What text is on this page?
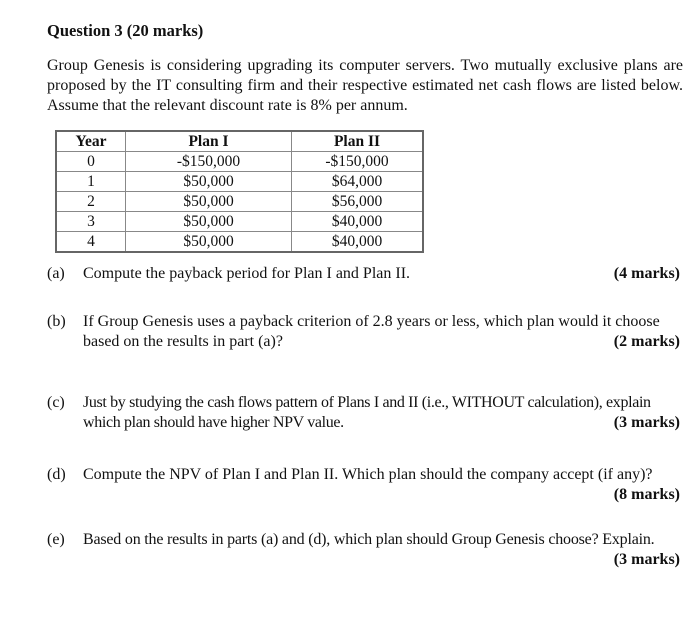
Question 3 (20 marks)
Group Genesis is considering upgrading its computer servers. Two mutually exclusive plans are proposed by the IT consulting firm and their respective estimated net cash flows are listed below. Assume that the relevant discount rate is 8% per annum.
Year	Plan I	Plan II
0	-$150,000	-$150,000
1	$50,000	$64,000
2	$50,000	$56,000
3	$50,000	$40,000
4	$50,000	$40,000
(a) Compute the payback period for Plan I and Plan II.	(4 marks)
(b) If Group Genesis uses a payback criterion of 2.8 years or less, which plan would it choose based on the results in part (a)?	(2 marks)
(c) Just by studying the cash flows pattern of Plans I and II (i.e., WITHOUT calculation), explain which plan should have higher NPV value.	(3 marks)
(d) Compute the NPV of Plan I and Plan II. Which plan should the company accept (if any)?
(8 marks)
(e) Based on the results in parts (a) and (d), which plan should Group Genesis choose? Explain.
(3 marks)
